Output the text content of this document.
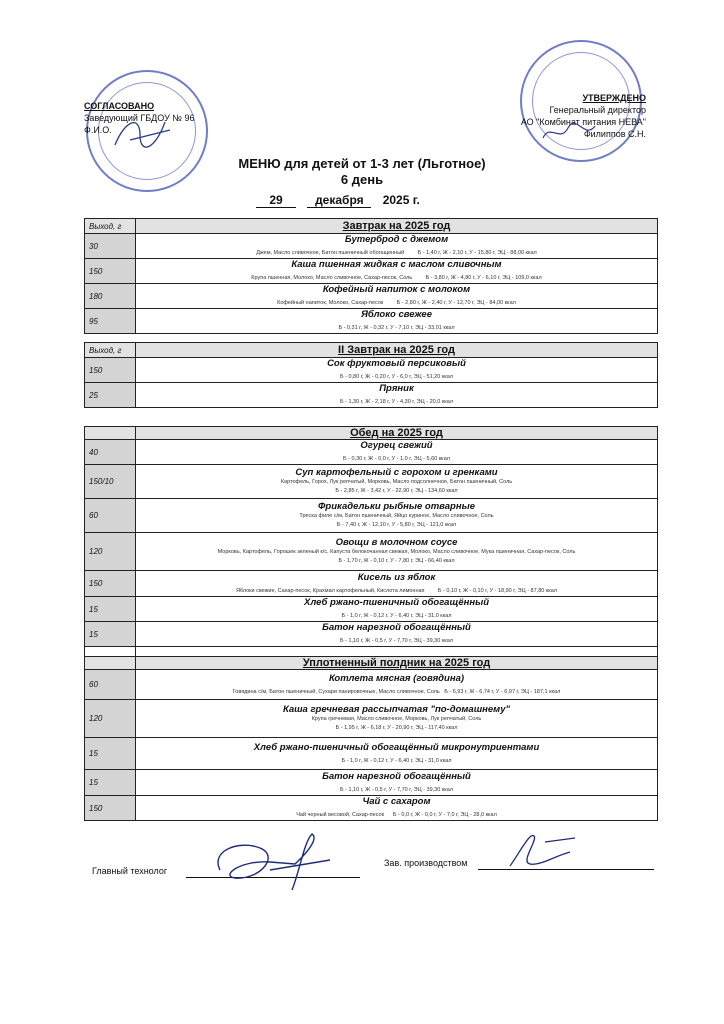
СОГЛАСОВАНО
Заведующий ГБДОУ № 96
Ф.И.О.
УТВЕРЖДЕНО
Генеральный директор
АО "Комбинат питания НЕВА"
Филиппов С.Н.
МЕНЮ для детей от 1-3 лет (Льготное)
6 день
29	декабря 2025 г.
Выход, г	Завтрак на 2025 год

30	Бутерброд с джемом
Джем, Масло сливочное, Батон пшеничный обогащенный Б - 1,40 г, Ж - 2,10 г, У - 15,80 г, ЭЦ - 88,00 ккал
150	Каша пшенная жидкая с маслом сливочным
Крупа пшенная, Молоко, Масло сливочное, Сахар-песок, Соль Б - 3,80 г, Ж - 4,80 г, У - 6,10 г, ЭЦ - 109,0 ккал
180	Кофейный напиток с молоком
Кофейный напиток, Молоко, Сахар-песок Б - 2,80 г, Ж - 2,40 г, У - 12,70 г, ЭЦ - 84,00 ккал
95	Яблоко свежее
Б - 0,31 г, Ж - 0,32 г, У - 7,10 г, ЭЦ - 33,01 ккал
Выход, г	II Завтрак на 2025 год

150	Сок фруктовый персиковый
Б - 0,80 г, Ж - 0,20 г, У - 6,0 г, ЭЦ - 51,20 ккал
25	Пряник
Б - 1,30 г, Ж - 2,18 г, У - 4,30 г, ЭЦ - 20,0 ккал

	Обед на 2025 год

40	Огурец свежий
Б - 0,30 г, Ж - 0,0 г, У - 1,0 г, ЭЦ - 5,60 ккал
150/10	Суп картофельный с горохом и гренками
Картофель, Горох, Лук репчатый, Морковь, Масло подсолнечное, Батон пшеничный, Соль
Б - 2,85 г, Ж - 3,42 г, У - 22,90 г, ЭЦ - 134,60 ккал

60	Фрикадельки рыбные отварные
Треска филе с/м, Батон пшеничный, Яйцо куриное, Масло сливочное, Соль
Б - 7,40 г, Ж - 12,10 г, У - 5,80 г, ЭЦ - 121,0 ккал

120	Овощи в молочном соусе
Морковь, Картофель, Горошек зеленый к/с, Капуста белокочанная свежая, Молоко, Масло сливочное, Мука пшеничная, Сахар-песок, Соль
Б - 1,70 г, Ж - 0,10 г, У - 7,80 г, ЭЦ - 66,40 ккал

150	Кисель из яблок
Яблоки свежие, Сахар-песок, Крахмал картофельный, Кислота лимонная Б - 0,10 г, Ж - 0,10 г, У - 18,90 г, ЭЦ - 87,80 ккал
15	Хлеб ржано-пшеничный обогащённый
Б - 1,0 г, Ж - 0,12 г, У - 6,40 г, ЭЦ - 31,0 ккал
15	Батон нарезной обогащённый
Б - 1,10 г, Ж - 0,5 г, У - 7,70 г, ЭЦ - 39,30 ккал

	Уплотненный полдник на 2025 год

60	Котлета мясная (говядина)
Говядина с/м, Батон пшеничный, Сухари панировочные, Масло сливочное, Соль Б - 6,93 г, Ж - 6,74 г, У - 6,97 г, ЭЦ - 187,1 ккал
120	Каша гречневая рассыпчатая "по-домашнему"
Крупа гречневая, Масло сливочное, Морковь, Лук репчатый, Соль
Б - 1,95 г, Ж - 6,18 г, У - 20,90 г, ЭЦ - 117,40 ккал

15	Хлеб ржано-пшеничный обогащённый микронутриентами
Б - 1,0 г, Ж - 0,12 г, У - 6,40 г, ЭЦ - 31,0 ккал
15	Батон нарезной обогащённый
Б - 1,10 г, Ж - 0,5 г, У - 7,70 г, ЭЦ - 39,30 ккал
150	Чай с сахаром
Чай черный весовой, Сахар-песок Б - 0,0 г, Ж - 0,0 г, У - 7,0 г, ЭЦ - 28,0 ккал
Главный технолог
Зав. производством
